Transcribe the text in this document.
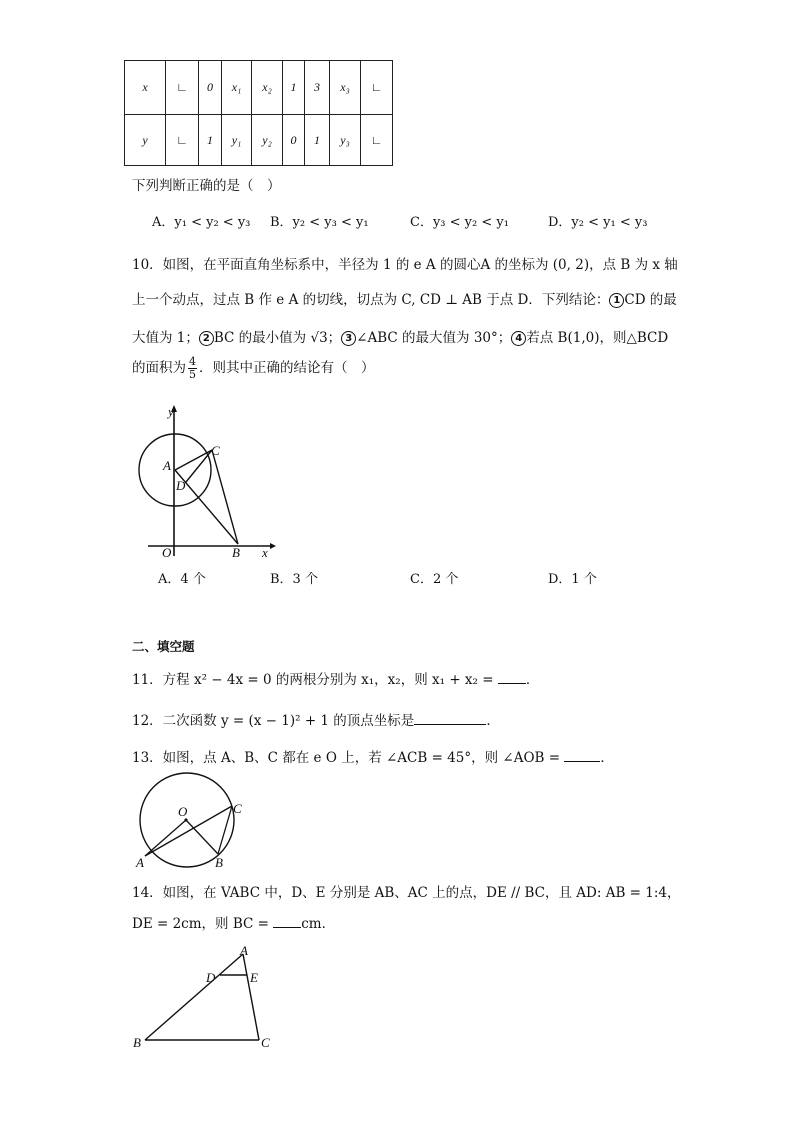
x	∟	0	x₁	x₂	1	3	x₃	∟
y	∟	1	y₁	y₂	0	1	y₃	∟
下列判断正确的是（　）
A．y₁ < y₂ < y₃ B．y₂ < y₃ < y₁	C．y₃ < y₂ < y₁	D．y₂ < y₁ < y₃
10．如图，在平面直角坐标系中，半径为 1 的 e A 的圆心A 的坐标为 (0, 2)，点 B 为 x 轴
上一个动点，过点 B 作 e A 的切线，切点为 C, CD ⊥ AB 于点 D．下列结论： 1 CD 的最
大值为 1； 2 BC 的最小值为 √3； 3 ∠ABC 的最大值为 30°； 4 若点 B(1,0)，则△BCD
的面积为 $\frac{4}{5}$ ．则其中正确的结论有（　）
y
x
A
C
D
O	B
A．4 个	B．3 个	C．2 个	D．1 个
二、填空题
11．方程 x² − 4x = 0 的两根分别为 x₁，x₂，则 x₁ + x₂ = ．
12．二次函数 y = (x − 1)² + 1 的顶点坐标是	．
13．如图，点 A、B、C 都在 e O 上，若 ∠ACB = 45°，则 ∠AOB =	．
O	C
A	B
14．如图，在 VABC 中，D、E 分别是 AB、AC 上的点，DE // BC，且 AD: AB = 1:4，
DE = 2cm，则 BC = cm．
A
D	E
B	C
